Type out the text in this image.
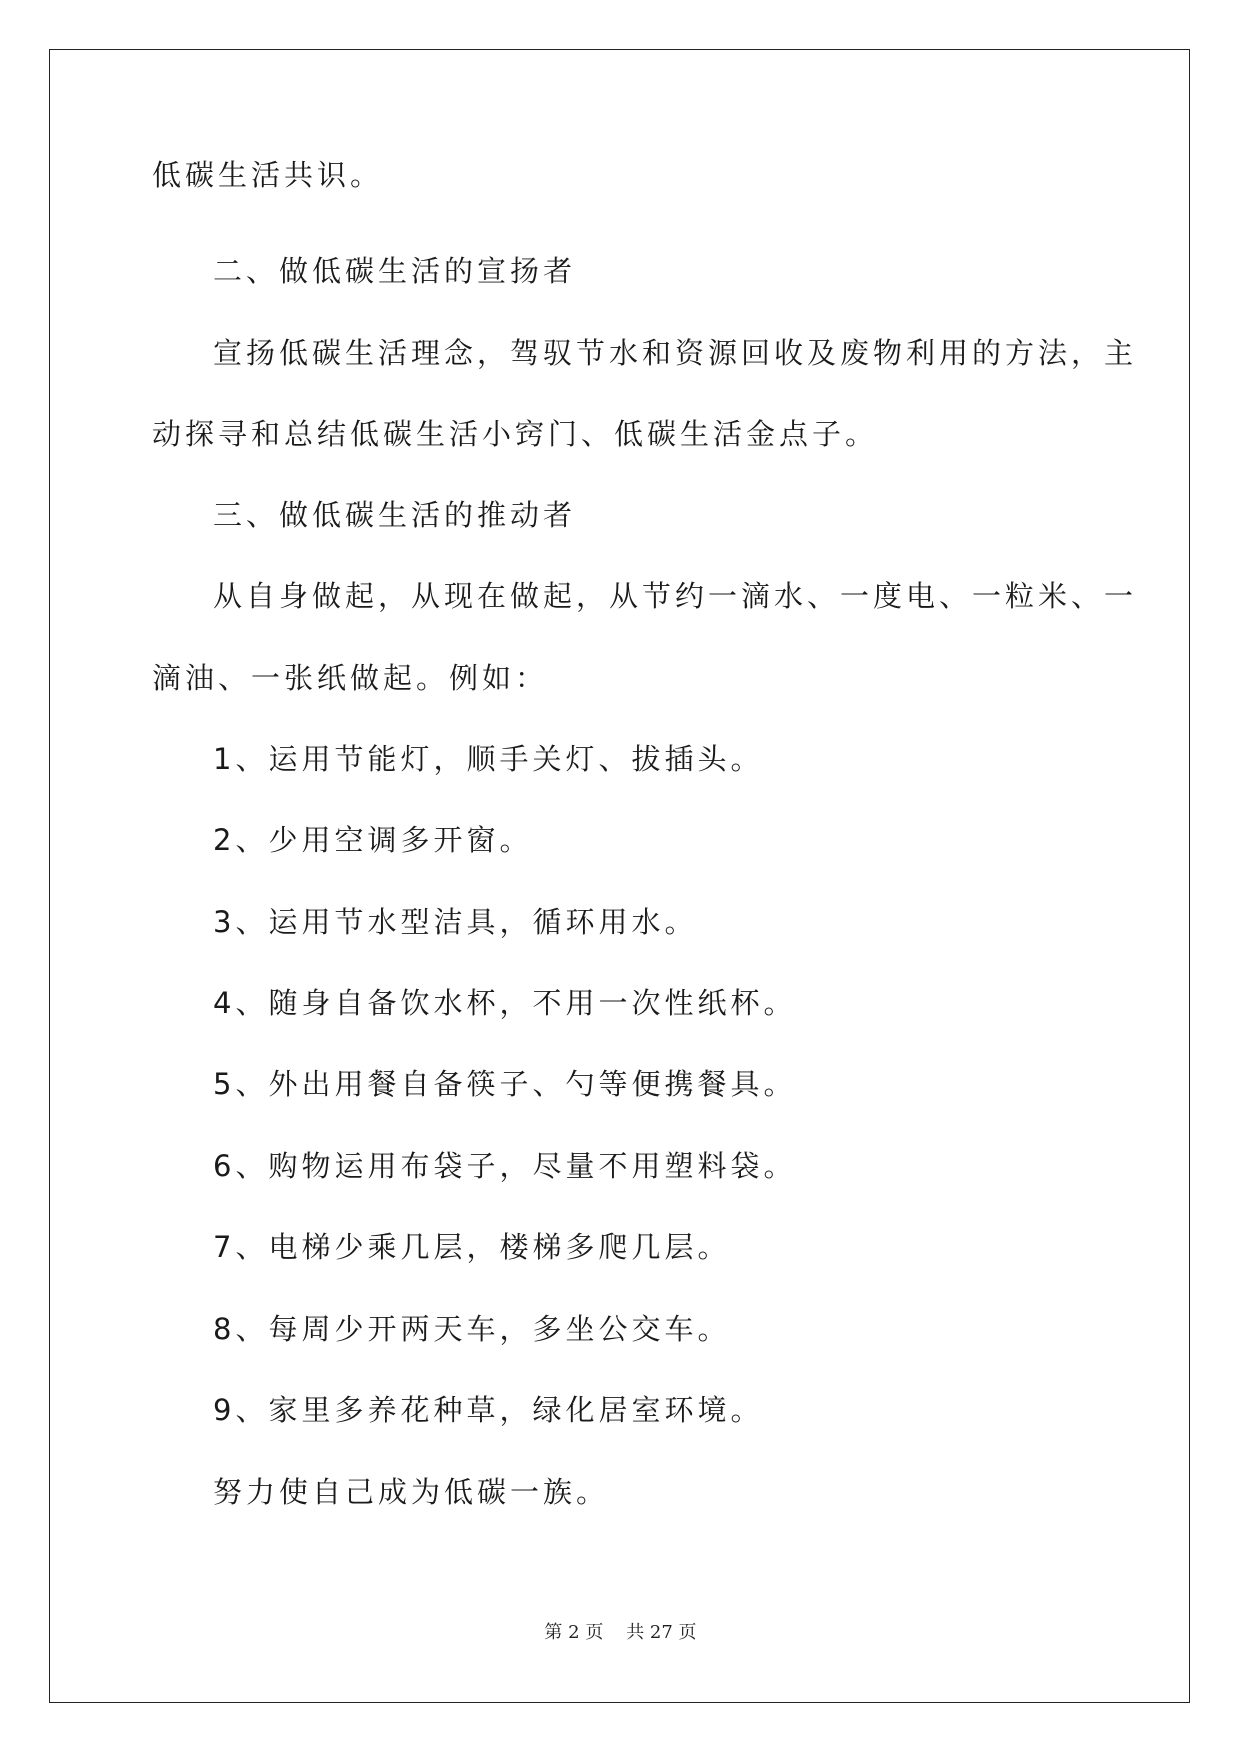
低碳生活共识。
二、做低碳生活的宣扬者
宣扬低碳生活理念，驾驭节水和资源回收及废物利用的方法，主
动探寻和总结低碳生活小窍门、低碳生活金点子。
三、做低碳生活的推动者
从自身做起，从现在做起，从节约一滴水、一度电、一粒米、一
滴油、一张纸做起。例如：
1、运用节能灯，顺手关灯、拔插头。
2、少用空调多开窗。
3、运用节水型洁具，循环用水。
4、随身自备饮水杯，不用一次性纸杯。
5、外出用餐自备筷子、勺等便携餐具。
6、购物运用布袋子，尽量不用塑料袋。
7、电梯少乘几层，楼梯多爬几层。
8、每周少开两天车，多坐公交车。
9、家里多养花种草，绿化居室环境。
努力使自己成为低碳一族。
第 2 页    共 27 页
